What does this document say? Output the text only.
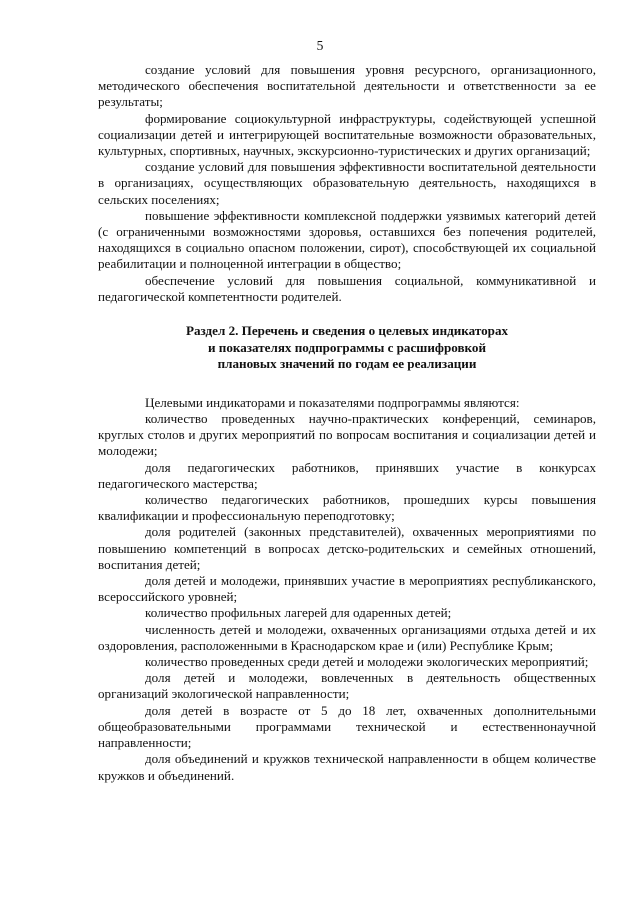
5

создание условий для повышения уровня ресурсного, организационного, методического обеспечения воспитательной деятельности и ответственности за ее результаты;

формирование социокультурной инфраструктуры, содействующей успешной социализации детей и интегрирующей воспитательные возможности образовательных, культурных, спортивных, научных, экскурсионно-туристических и других организаций;

создание условий для повышения эффективности воспитательной деятельности в организациях, осуществляющих образовательную деятельность, находящихся в сельских поселениях;

повышение эффективности комплексной поддержки уязвимых категорий детей (с ограниченными возможностями здоровья, оставшихся без попечения родителей, находящихся в социально опасном положении, сирот), способствующей их социальной реабилитации и полноценной интеграции в общество;

обеспечение условий для повышения социальной, коммуникативной и педагогической компетентности родителей.

Раздел 2. Перечень и сведения о целевых индикаторах
и показателях подпрограммы с расшифровкой
плановых значений по годам ее реализации

Целевыми индикаторами и показателями подпрограммы являются:

количество проведенных научно-практических конференций, семинаров, круглых столов и других мероприятий по вопросам воспитания и социализации детей и молодежи;

доля педагогических работников, принявших участие в конкурсах педагогического мастерства;

количество педагогических работников, прошедших курсы повышения квалификации и профессиональную переподготовку;

доля родителей (законных представителей), охваченных мероприятиями по повышению компетенций в вопросах детско-родительских и семейных отношений, воспитания детей;

доля детей и молодежи, принявших участие в мероприятиях республиканского, всероссийского уровней;

количество профильных лагерей для одаренных детей;

численность детей и молодежи, охваченных организациями отдыха детей и их оздоровления, расположенными в Краснодарском крае и (или) Республике Крым;

количество проведенных среди детей и молодежи экологических мероприятий;

доля детей и молодежи, вовлеченных в деятельность общественных организаций экологической направленности;

доля детей в возрасте от 5 до 18 лет, охваченных дополнительными общеобразовательными программами технической и естественнонаучной направленности;

доля объединений и кружков технической направленности в общем количестве кружков и объединений.
